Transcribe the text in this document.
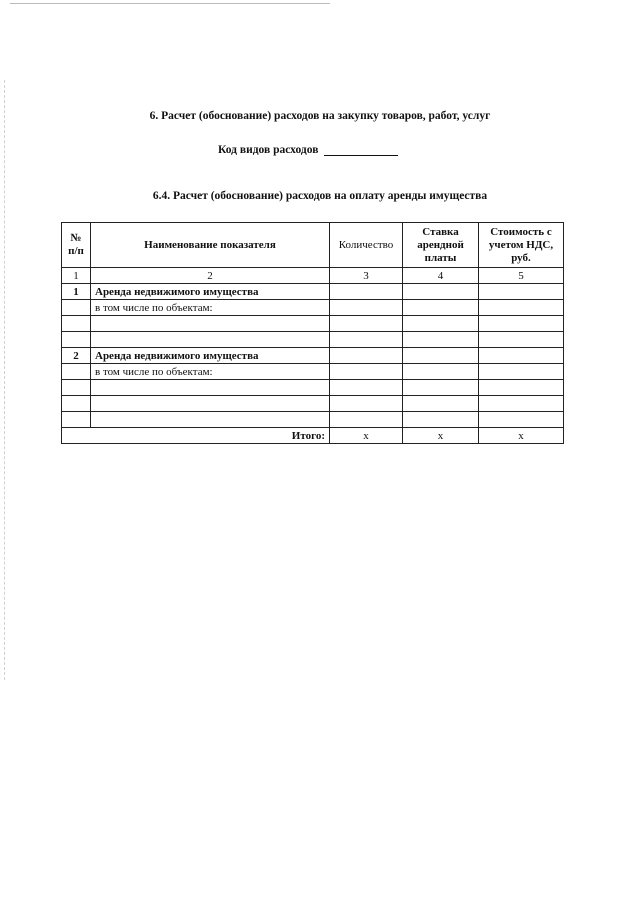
6. Расчет (обоснование) расходов на закупку товаров, работ, услуг
Код видов расходов
6.4. Расчет (обоснование) расходов на оплату аренды имущества
№ п/п	Наименование показателя	Количество	Ставка арендной платы	Стоимость с учетом НДС, руб.
1	2	3	4	5
1	Аренда недвижимого имущества			
	в том числе по объектам:			

2	Аренда недвижимого имущества			
	в том числе по объектам:			

Итого:		x	x	x
